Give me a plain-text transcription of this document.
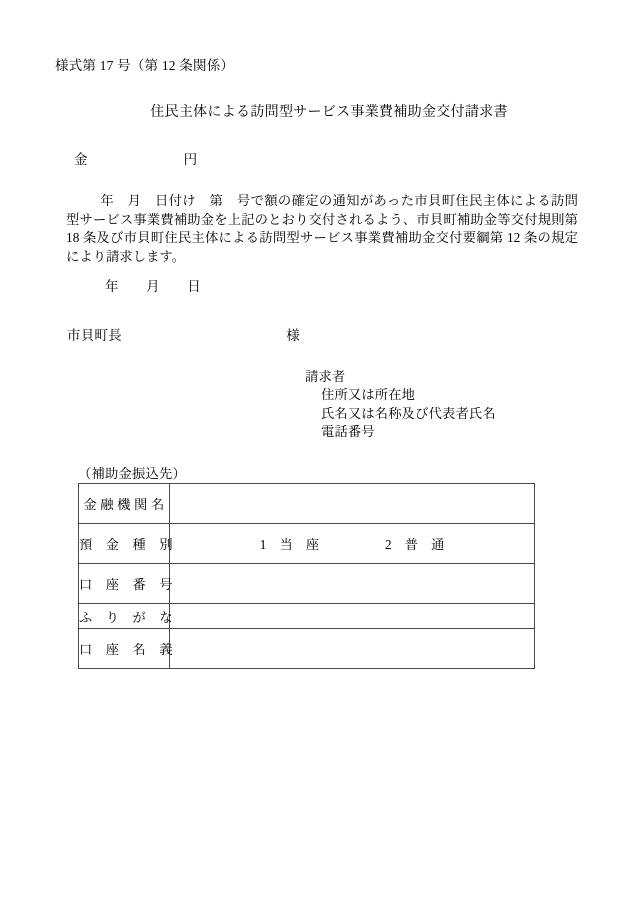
様式第 17 号（第 12 条関係）
住民主体による訪問型サービス事業費補助金交付請求書
金　　　　　　　円
年　月　日付け　第　号で額の確定の通知があった市貝町住民主体による訪問型サービス事業費補助金を上記のとおり交付されるよう、市貝町補助金等交付規則第 18 条及び市貝町住民主体による訪問型サービス事業費補助金交付要綱第 12 条の規定により請求します。
年　　月　　日
市貝町長　　　　　　　　　　　　様
請求者
住所又は所在地
氏名又は名称及び代表者氏名
電話番号
（補助金振込先）
金 融 機 関 名	
預　金　種　別	1　当　座　　　　　2　普　通
口　座　番　号	
ふ　り　が　な	
口　座　名　義	
